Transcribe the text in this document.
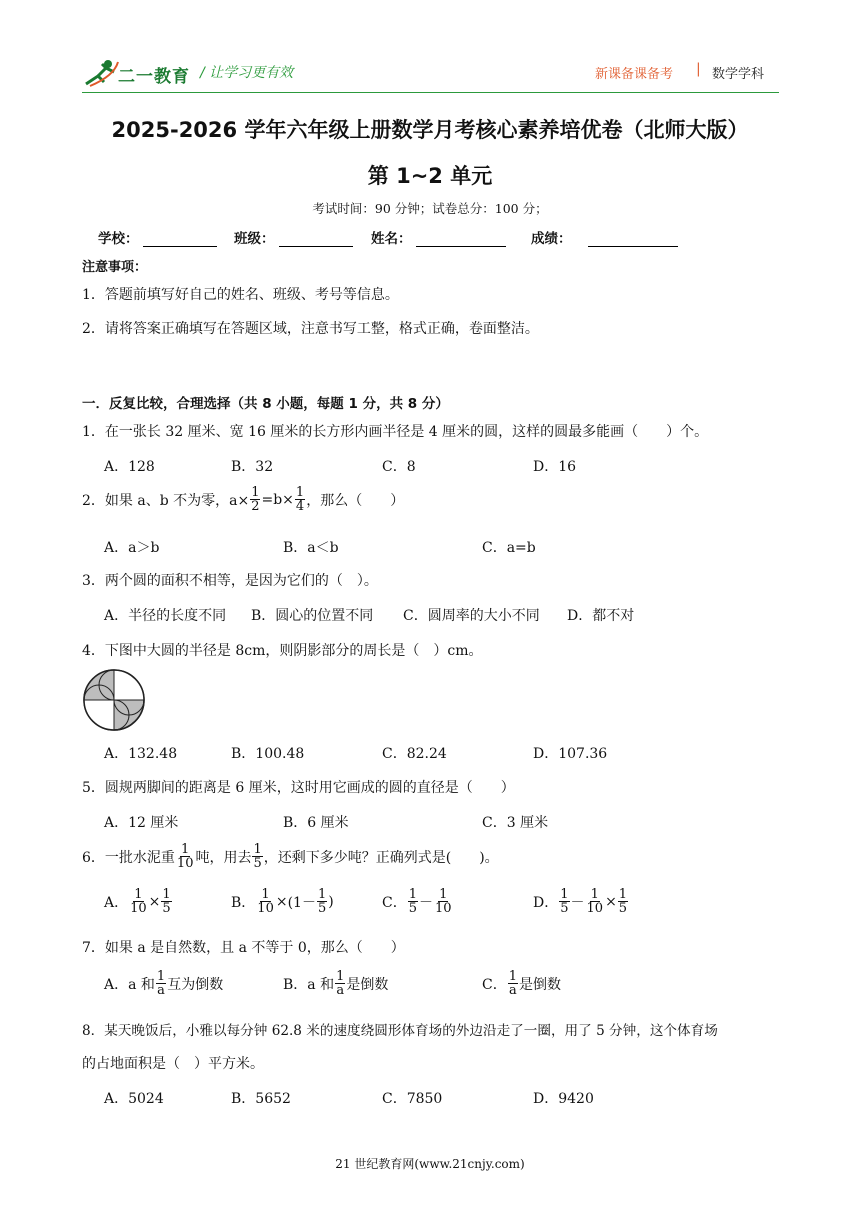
二一教育 / 让学习更有效	新课备课备考 | 数学学科
2025-2026 学年六年级上册数学月考核心素养培优卷（北师大版）
第 1~2 单元
考试时间：90 分钟；试卷总分：100 分；
学校：	班级：	姓名：	成绩：
注意事项：
1．答题前填写好自己的姓名、班级、考号等信息。
2．请将答案正确填写在答题区域，注意书写工整，格式正确，卷面整洁。
一．反复比较，合理选择（共 8 小题，每题 1 分，共 8 分）
1．在一张长 32 厘米、宽 16 厘米的长方形内画半径是 4 厘米的圆，这样的圆最多能画（　　）个。
A．128	B．32	C．8	D．16
2．如果 a、b 不为零，$a\times \frac{1}{2} =b\times \frac{1}{4}$ ，那么（　　）
A．a＞b	B．a＜b	C．a=b
3．两个圆的面积不相等，是因为它们的（　）。
A．半径的长度不同 B．圆心的位置不同 C．圆周率的大小不同 D．都不对
4．下图中大圆的半径是 8cm，则阴影部分的周长是（　）cm。
A．132.48	B．100.48	C．82.24	D．107.36
5．圆规两脚间的距离是 6 厘米，这时用它画成的圆的直径是（　　）
A．12 厘米	B．6 厘米	C．3 厘米
6．一批水泥重 $\frac{1}{10}$ 吨，用去 $\frac{1}{5}$ ，还剩下多少吨？正确列式是(　　)。
A． $\frac{1}{10} \times \frac{1}{5}$	B． $\frac{1}{10} \times (1- \frac{1}{5}$ )	C． $\frac{1}{5} - \frac{1}{10}$	D． $\frac{1}{5} - \frac{1}{10} \times \frac{1}{5}$
7．如果 a 是自然数，且 a 不等于 0，那么（　　）
A．a 和 $\frac{1}{a}$ 互为倒数	B．a 和 $\frac{1}{a}$ 是倒数	C． $\frac{1}{a}$ 是倒数
8．某天晚饭后，小雅以每分钟 62.8 米的速度绕圆形体育场的外边沿走了一圈，用了 5 分钟，这个体育场
的占地面积是（　）平方米。
A．5024	B．5652	C．7850	D．9420
21 世纪教育网(www.21cnjy.com)
